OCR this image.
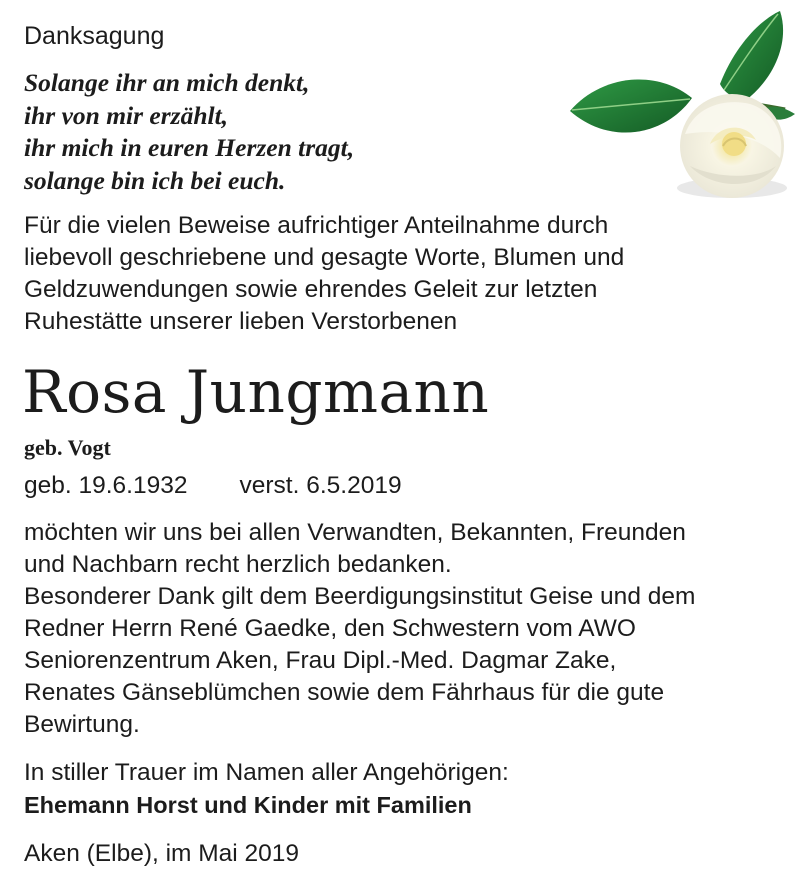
Danksagung
Solange ihr an mich denkt,
ihr von mir erzählt,
ihr mich in euren Herzen tragt,
solange bin ich bei euch.
Für die vielen Beweise aufrichtiger Anteilnahme durch
liebevoll geschriebene und gesagte Worte, Blumen und
Geldzuwendungen sowie ehrendes Geleit zur letzten
Ruhestätte unserer lieben Verstorbenen
Rosa Jungmann
geb. Vogt
geb. 19.6.1932 verst. 6.5.2019
möchten wir uns bei allen Verwandten, Bekannten, Freunden
und Nachbarn recht herzlich bedanken.
Besonderer Dank gilt dem Beerdigungsinstitut Geise und dem
Redner Herrn René Gaedke, den Schwestern vom AWO
Seniorenzentrum Aken, Frau Dipl.-Med. Dagmar Zake,
Renates Gänseblümchen sowie dem Fährhaus für die gute
Bewirtung.
In stiller Trauer im Namen aller Angehörigen:
Ehemann Horst und Kinder mit Familien
Aken (Elbe), im Mai 2019
